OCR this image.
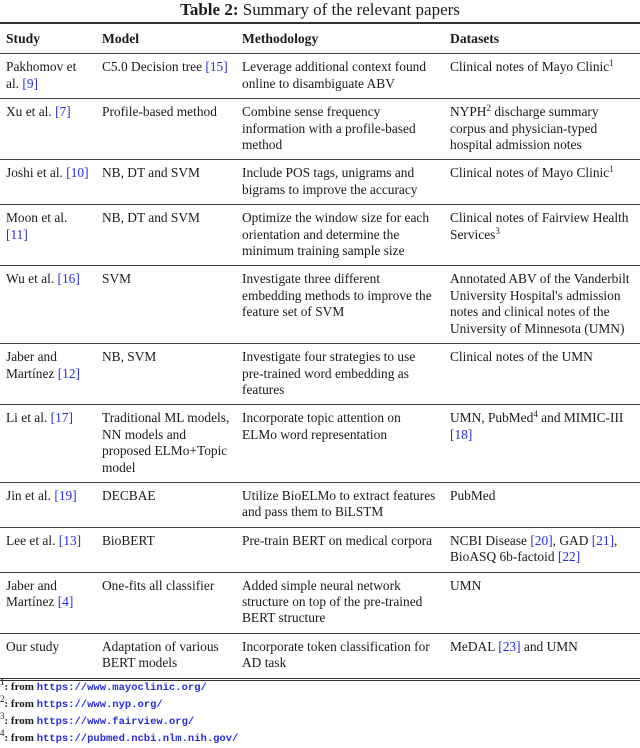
Table 2: Summary of the relevant papers
Study	Model	Methodology	Datasets
Pakhomov et al. [9]	C5.0 Decision tree [15]	Leverage additional context found online to disambiguate ABV	Clinical notes of Mayo Clinic$^1$
Xu et al. [7]	Profile-based method	Combine sense frequency information with a profile-based method	NYPH$^2$ discharge summary corpus and physician-typed hospital admission notes
Joshi et al. [10]	NB, DT and SVM	Include POS tags, unigrams and bigrams to improve the accuracy	Clinical notes of Mayo Clinic$^1$
Moon et al. [11]	NB, DT and SVM	Optimize the window size for each orientation and determine the minimum training sample size	Clinical notes of Fairview Health Services$^3$
Wu et al. [16]	SVM	Investigate three different embedding methods to improve the feature set of SVM	Annotated ABV of the Vanderbilt University Hospital's admission notes and clinical notes of the University of Minnesota (UMN)
Jaber and Martínez [12]	NB, SVM	Investigate four strategies to use pre-trained word embedding as features	Clinical notes of the UMN
Li et al. [17]	Traditional ML models, NN models and proposed ELMo+Topic model	Incorporate topic attention on ELMo word representation	UMN, PubMed$^4$ and MIMIC-III [18]
Jin et al. [19]	DECBAE	Utilize BioELMo to extract features and pass them to BiLSTM	PubMed
Lee et al. [13]	BioBERT	Pre-train BERT on medical corpora	NCBI Disease [20], GAD [21], BioASQ 6b-factoid [22]
Jaber and Martínez [4]	One-fits all classifier	Added simple neural network structure on top of the pre-trained BERT structure	UMN
Our study	Adaptation of various BERT models	Incorporate token classification for AD task	MeDAL [23] and UMN
$^1$: from https://www.mayoclinic.org/
$^2$: from https://www.nyp.org/
$^3$: from https://www.fairview.org/
$^4$: from https://pubmed.ncbi.nlm.nih.gov/
